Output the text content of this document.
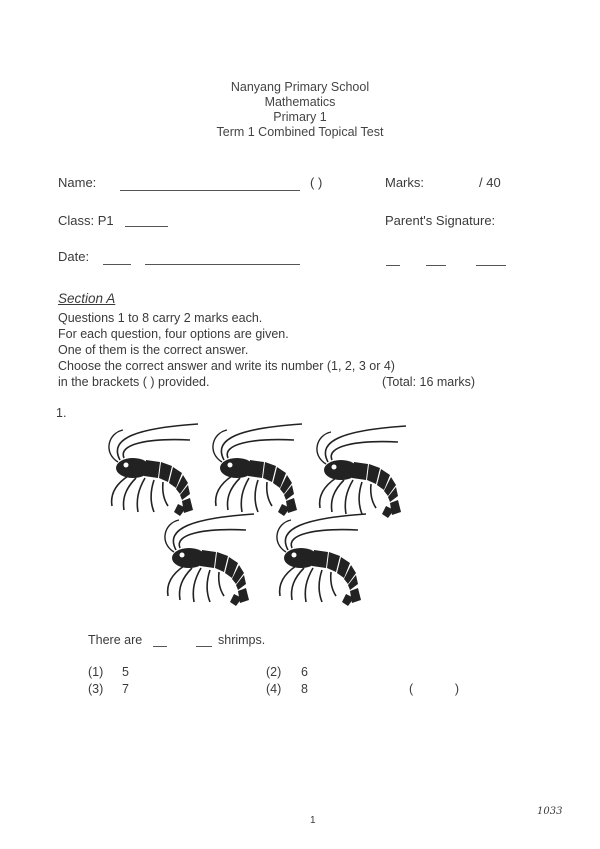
Nanyang Primary School
Mathematics
Primary 1
Term 1 Combined Topical Test
Name:	( )	Marks:	/ 40
Class: P1	Parent's Signature:
Date:
Section A
Questions 1 to 8 carry 2 marks each.
For each question, four options are given.
One of them is the correct answer.
Choose the correct answer and write its number (1, 2, 3 or 4)
in the brackets ( ) provided.	(Total: 16 marks)
1.
There are	shrimps.
(1) 5	(2) 6
(3) 7	(4) 8	(            )
1
1033
